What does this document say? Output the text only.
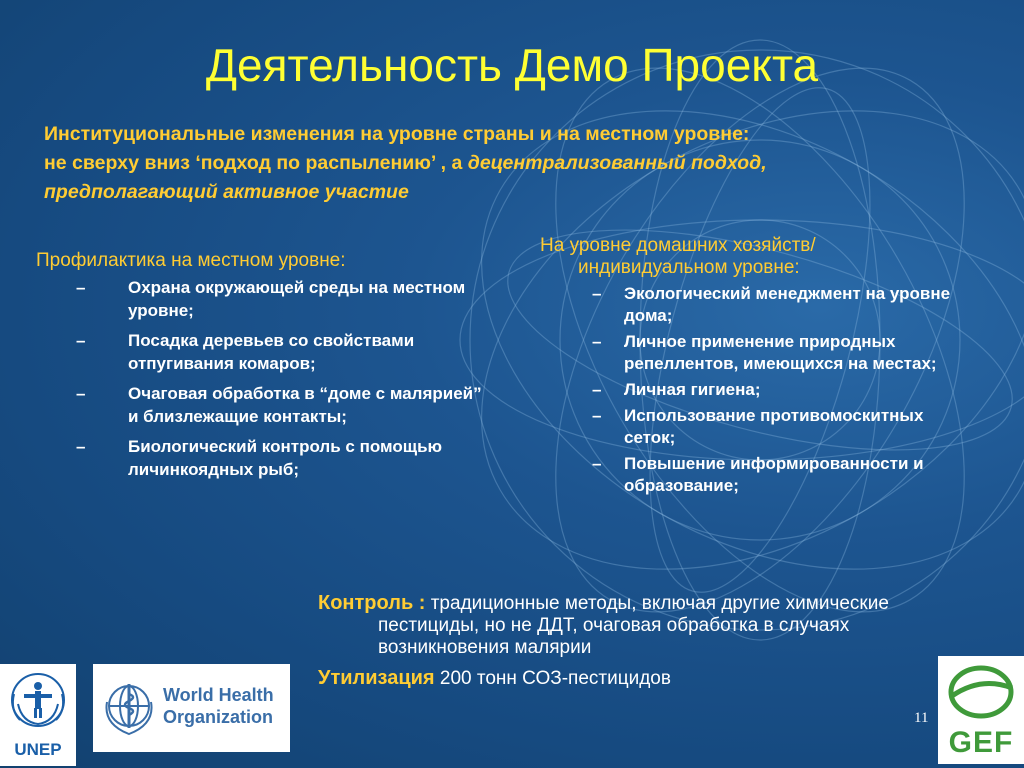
Деятельность Демо Проекта
Институциональные изменения на уровне страны и на местном уровне:
не сверху вниз ‘подход по распылению’ , а децентрализованный подход,
предполагающий активное участие
Профилактика на местном уровне:
–	Охрана окружающей среды на местном уровне;
–	Посадка деревьев со свойствами отпугивания комаров;
–	Очаговая обработка в “доме с малярией” и близлежащие контакты;
–	Биологический контроль с помощью личинкоядных рыб;
На уровне домашних хозяйств/индивидуальном уровне:
– Экологический менеджмент на уровне дома;
– Личное применение природных репеллентов, имеющихся на местах;
– Личная гигиена;
– Использование противомоскитных сеток;
– Повышение информированности и образование;

Контроль : традиционные методы, включая другие химические пестициды, но не ДДТ, очаговая обработка в случаях возникновения малярии

Утилизация 200 тонн СОЗ-пестицидов

UNEP
World Health
Organization	11
GEF
